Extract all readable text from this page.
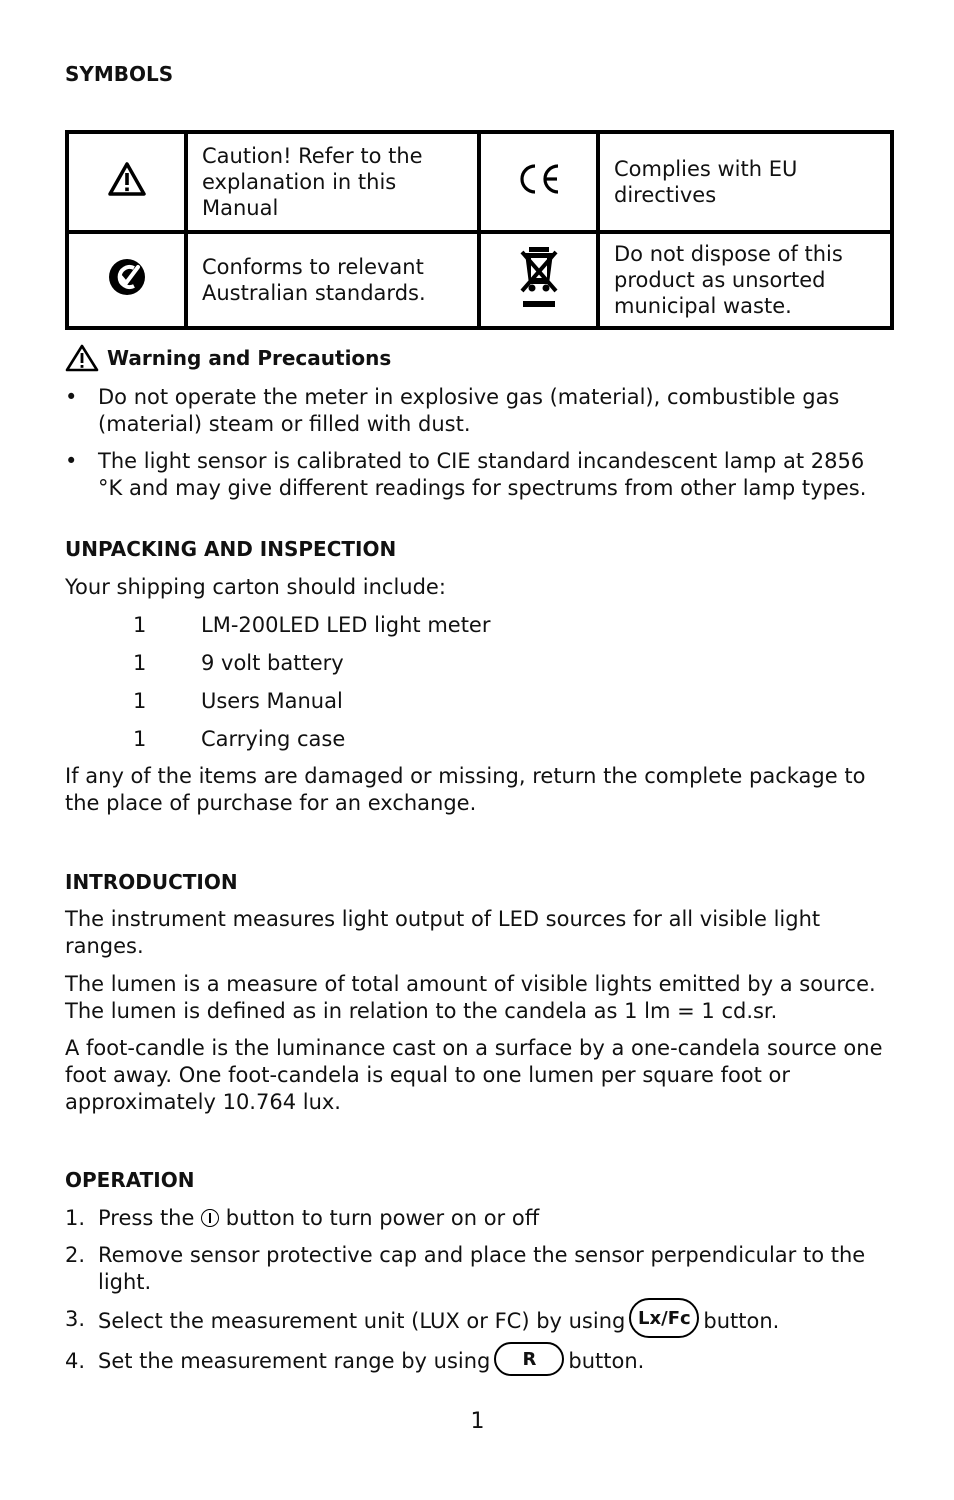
SYMBOLS
	Caution! Refer to the explanation in this Manual		Complies with EU directives
	Conforms to relevant Australian standards.		Do not dispose of this product as unsorted municipal waste.
Warning and Precautions
• Do not operate the meter in explosive gas (material), combustible gas (material) steam or filled with dust.
• The light sensor is calibrated to CIE standard incandescent lamp at 2856 °K and may give different readings for spectrums from other lamp types.
UNPACKING AND INSPECTION

Your shipping carton should include:

1	LM-200LED LED light meter
1	9 volt battery
1	Users Manual
1	Carrying case

If any of the items are damaged or missing, return the complete package to the place of purchase for an exchange.

INTRODUCTION

The instrument measures light output of LED sources for all visible light ranges.

The lumen is a measure of total amount of visible lights emitted by a source. The lumen is defined as in relation to the candela as 1 lm = 1 cd.sr.

A foot-candle is the luminance cast on a surface by a one-candela source one foot away. One foot-candela is equal to one lumen per square foot or approximately 10.764 lux.

OPERATION
1. Press the button to turn power on or off
2. Remove sensor protective cap and place the sensor perpendicular to the light.
3. Select the measurement unit (LUX or FC) by using Lx/Fc button.
4. Set the measurement range by using R button.
1
